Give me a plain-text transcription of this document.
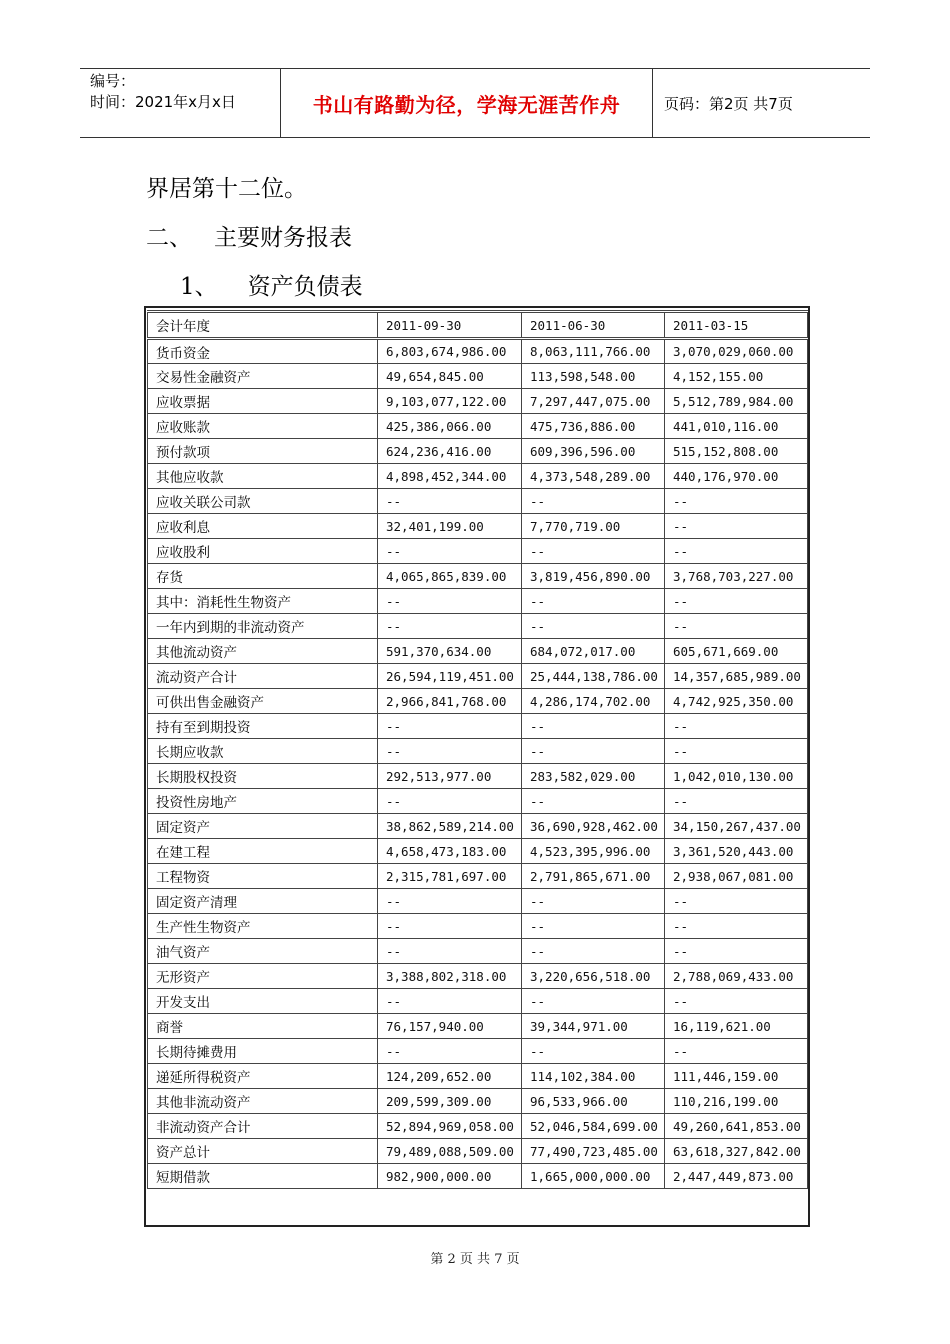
编号：
时间：2021年x月x日	书山有路勤为径，学海无涯苦作舟	页码：第2页 共7页
界居第十二位。
二、 主要财务报表
1、 资产负债表
会计年度	2011-09-30	2011-06-30	2011-03-15
货币资金	6,803,674,986.00	8,063,111,766.00	3,070,029,060.00
交易性金融资产	49,654,845.00	113,598,548.00	4,152,155.00
应收票据	9,103,077,122.00	7,297,447,075.00	5,512,789,984.00
应收账款	425,386,066.00	475,736,886.00	441,010,116.00
预付款项	624,236,416.00	609,396,596.00	515,152,808.00
其他应收款	4,898,452,344.00	4,373,548,289.00	440,176,970.00
应收关联公司款	--	--	--
应收利息	32,401,199.00	7,770,719.00	--
应收股利	--	--	--
存货	4,065,865,839.00	3,819,456,890.00	3,768,703,227.00
其中：消耗性生物资产	--	--	--
一年内到期的非流动资产	--	--	--
其他流动资产	591,370,634.00	684,072,017.00	605,671,669.00
流动资产合计	26,594,119,451.00	25,444,138,786.00	14,357,685,989.00
可供出售金融资产	2,966,841,768.00	4,286,174,702.00	4,742,925,350.00
持有至到期投资	--	--	--
长期应收款	--	--	--
长期股权投资	292,513,977.00	283,582,029.00	1,042,010,130.00
投资性房地产	--	--	--
固定资产	38,862,589,214.00	36,690,928,462.00	34,150,267,437.00
在建工程	4,658,473,183.00	4,523,395,996.00	3,361,520,443.00
工程物资	2,315,781,697.00	2,791,865,671.00	2,938,067,081.00
固定资产清理	--	--	--
生产性生物资产	--	--	--
油气资产	--	--	--
无形资产	3,388,802,318.00	3,220,656,518.00	2,788,069,433.00
开发支出	--	--	--
商誉	76,157,940.00	39,344,971.00	16,119,621.00
长期待摊费用	--	--	--
递延所得税资产	124,209,652.00	114,102,384.00	111,446,159.00
其他非流动资产	209,599,309.00	96,533,966.00	110,216,199.00
非流动资产合计	52,894,969,058.00	52,046,584,699.00	49,260,641,853.00
资产总计	79,489,088,509.00	77,490,723,485.00	63,618,327,842.00
短期借款	982,900,000.00	1,665,000,000.00	2,447,449,873.00
第 2 页 共 7 页
